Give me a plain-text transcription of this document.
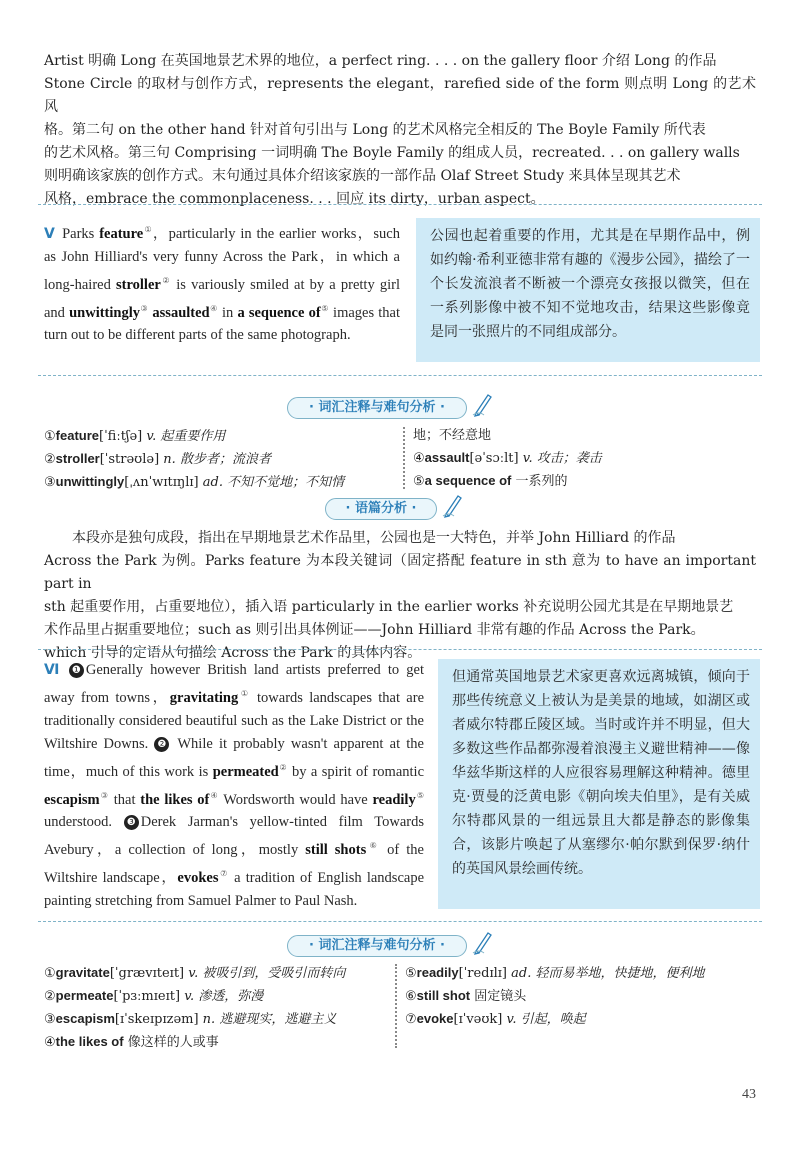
Artist 明确 Long 在英国地景艺术界的地位，a perfect ring. . . . on the gallery floor 介绍 Long 的作品
Stone Circle 的取材与创作方式，represents the elegant，rarefied side of the form 则点明 Long 的艺术风
格。第二句 on the other hand 针对首句引出与 Long 的艺术风格完全相反的 The Boyle Family 所代表
的艺术风格。第三句 Comprising 一词明确 The Boyle Family 的组成人员，recreated. . . on gallery walls
则明确该家族的创作方式。末句通过具体介绍该家族的一部作品 Olaf Street Study 来具体呈现其艺术
风格，embrace the commonplaceness. . . 回应 its dirty，urban aspect。
Ⅴ Parks feature①，particularly in the earlier works，such as John Hilliard's very funny Across the Park，in which a long-haired stroller② is variously smiled at by a pretty girl and unwittingly③ assaulted④ in a sequence of⑤ images that turn out to be different parts of the same photograph.
公园也起着重要的作用，尤其是在早期作品中，例如约翰·希利亚德非常有趣的《漫步公园》，描绘了一个长发流浪者不断被一个漂亮女孩报以微笑，但在一系列影像中被不知不觉地攻击，结果这些影像竟是同一张照片的不同组成部分。
· 词汇注释与难句分析 ·
①feature[ˈfiːtʃə] v. 起重要作用
②stroller[ˈstrəʊlə] n. 散步者；流浪者
③unwittingly[ˌʌnˈwɪtɪŋlɪ] ad. 不知不觉地；不知情
地；不经意地
④assault[əˈsɔːlt] v. 攻击；袭击
⑤a sequence of 一系列的
· 语篇分析 ·
本段亦是独句成段，指出在早期地景艺术作品里，公园也是一大特色，并举 John Hilliard 的作品
Across the Park 为例。Parks feature 为本段关键词（固定搭配 feature in sth 意为 to have an important part in
sth 起重要作用，占重要地位），插入语 particularly in the earlier works 补充说明公园尤其是在早期地景艺
术作品里占据重要地位；such as 则引出具体例证——John Hilliard 非常有趣的作品 Across the Park。
which 引导的定语从句描绘 Across the Park 的具体内容。
Ⅵ ❶ Generally however British land artists preferred to get away from towns，gravitating① towards landscapes that are traditionally considered beautiful such as the Lake District or the Wiltshire Downs. ❷ While it probably wasn't apparent at the time，much of this work is permeated② by a spirit of romantic escapism③ that the likes of④ Wordsworth would have readily⑤ understood. ❸ Derek Jarman's yellow-tinted film Towards Avebury，a collection of long，mostly still shots⑥ of the Wiltshire landscape，evokes⑦ a tradition of English landscape painting stretching from Samuel Palmer to Paul Nash.
但通常英国地景艺术家更喜欢远离城镇，倾向于那些传统意义上被认为是美景的地域，如湖区或者威尔特郡丘陵区域。当时或许并不明显，但大多数这些作品都弥漫着浪漫主义避世精神——像华兹华斯这样的人应很容易理解这种精神。德里克·贾曼的泛黄电影《朝向埃夫伯里》，是有关威尔特郡风景的一组远景且大都是静态的影像集合，该影片唤起了从塞缪尔·帕尔默到保罗·纳什的英国风景绘画传统。
· 词汇注释与难句分析 ·
①gravitate[ˈgrævɪteɪt] v. 被吸引到，受吸引而转向
②permeate[ˈpɜːmɪeɪt] v. 渗透，弥漫
③escapism[ɪˈskeɪpɪzəm] n. 逃避现实，逃避主义
④the likes of 像这样的人或事
⑤readily[ˈredɪlɪ] ad. 轻而易举地，快捷地，便利地
⑥still shot 固定镜头
⑦evoke[ɪˈvəʊk] v. 引起，唤起
43
